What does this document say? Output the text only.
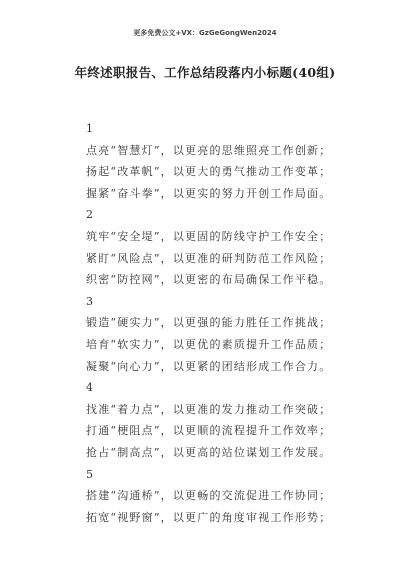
更多免费公文+VX：GzGeGongWen2024
年终述职报告、工作总结段落内小标题(40组)
1
点亮“智慧灯”，以更亮的思维照亮工作创新；
扬起“改革帆”，以更大的勇气推动工作变革；
握紧“奋斗拳”，以更实的努力开创工作局面。
2
筑牢“安全堤”，以更固的防线守护工作安全；
紧盯“风险点”，以更准的研判防范工作风险；
织密“防控网”，以更密的布局确保工作平稳。
3
锻造“硬实力”，以更强的能力胜任工作挑战；
培育“软实力”，以更优的素质提升工作品质；
凝聚“向心力”，以更紧的团结形成工作合力。
4
找准“着力点”，以更准的发力推动工作突破；
打通“梗阻点”，以更顺的流程提升工作效率；
抢占“制高点”，以更高的站位谋划工作发展。
5
搭建“沟通桥”，以更畅的交流促进工作协同；
拓宽“视野窗”，以更广的角度审视工作形势；
